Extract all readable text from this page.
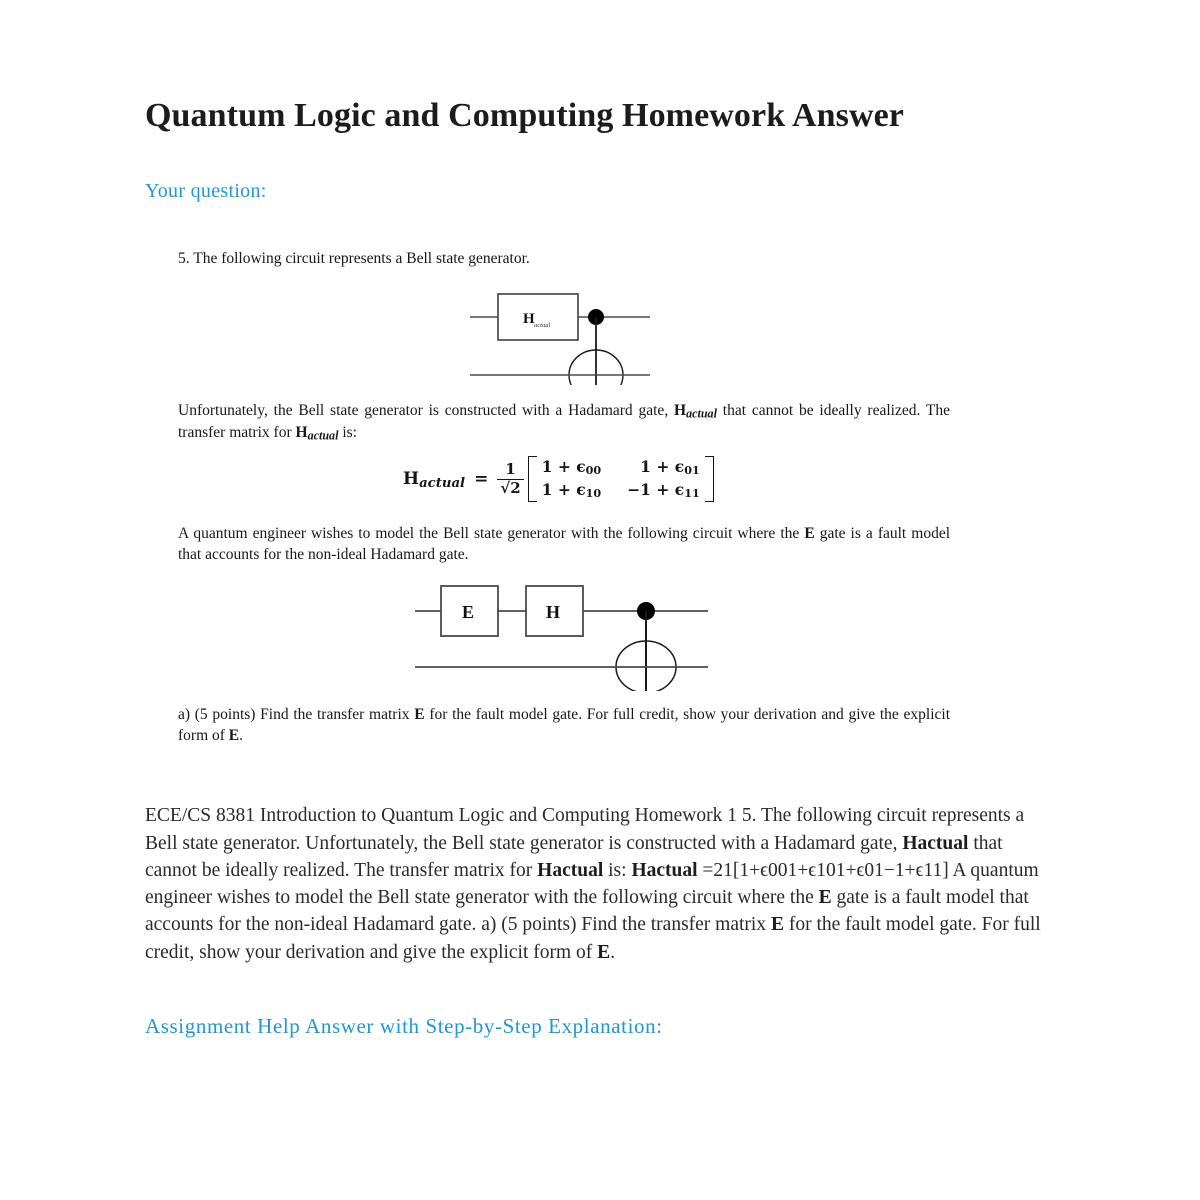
Quantum Logic and Computing Homework Answer
Your question:

5. The following circuit represents a Bell state generator.

H actual

Unfortunately, the Bell state generator is constructed with a Hadamard gate, $H_{actual}$ that cannot be ideally realized. The transfer matrix for $H_{actual}$ is:

$H_{actual} = \frac{1}{√2} 1 + \epsilon 00$	1 + ϵ01
1 + ϵ10 −1 + ϵ11

A quantum engineer wishes to model the Bell state generator with the following circuit where the E gate is a fault model that accounts for the non-ideal Hadamard gate.

E	H

a) (5 points) Find the transfer matrix E for the fault model gate. For full credit, show your derivation and give the explicit form of E.

ECE/CS 8381 Introduction to Quantum Logic and Computing Homework 1 5. The following circuit represents a Bell state generator. Unfortunately, the Bell state generator is constructed with a Hadamard gate, Hactual that cannot be ideally realized. The transfer matrix for Hactual is: Hactual =21[1+ϵ001+ϵ101+ϵ01−1+ϵ11] A quantum engineer wishes to model the Bell state generator with the following circuit where the E gate is a fault model that accounts for the non-ideal Hadamard gate. a) (5 points) Find the transfer matrix E for the fault model gate. For full credit, show your derivation and give the explicit form of E.

Assignment Help Answer with Step-by-Step Explanation:
